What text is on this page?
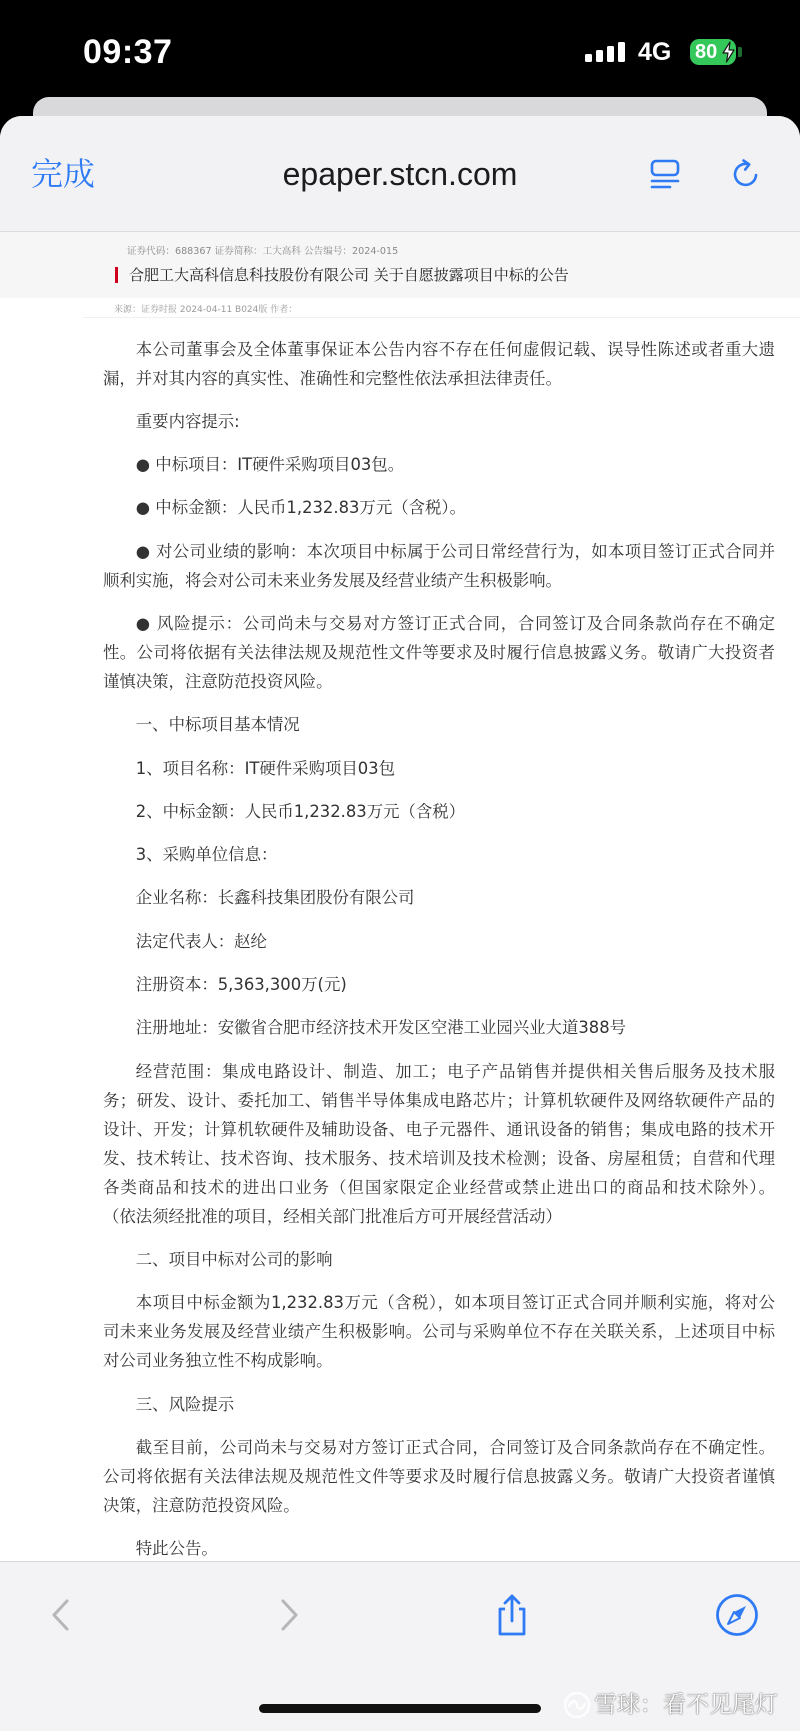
09:37	4G 80
完成	epaper.stcn.com
证券代码：688367 证券简称：工大高科 公告编号：2024-015
合肥工大高科信息科技股份有限公司 关于自愿披露项目中标的公告
来源：证券时报 2024-04-11 B024版 作者：
本公司董事会及全体董事保证本公告内容不存在任何虚假记载、误导性陈述或者重大遗
漏，并对其内容的真实性、准确性和完整性依法承担法律责任。
重要内容提示:
● 中标项目：IT硬件采购项目03包。
● 中标金额：人民币1,232.83万元（含税）。
● 对公司业绩的影响：本次项目中标属于公司日常经营行为，如本项目签订正式合同并
顺利实施，将会对公司未来业务发展及经营业绩产生积极影响。
● 风险提示：公司尚未与交易对方签订正式合同，合同签订及合同条款尚存在不确定
性。公司将依据有关法律法规及规范性文件等要求及时履行信息披露义务。敬请广大投资者
谨慎决策，注意防范投资风险。
一、中标项目基本情况
1、项目名称：IT硬件采购项目03包
2、中标金额：人民币1,232.83万元（含税）
3、采购单位信息：
企业名称：长鑫科技集团股份有限公司
法定代表人：赵纶
注册资本：5,363,300万(元)
注册地址：安徽省合肥市经济技术开发区空港工业园兴业大道388号
经营范围：集成电路设计、制造、加工；电子产品销售并提供相关售后服务及技术服
务；研发、设计、委托加工、销售半导体集成电路芯片；计算机软硬件及网络软硬件产品的
设计、开发；计算机软硬件及辅助设备、电子元器件、通讯设备的销售；集成电路的技术开
发、技术转让、技术咨询、技术服务、技术培训及技术检测；设备、房屋租赁；自营和代理
各类商品和技术的进出口业务（但国家限定企业经营或禁止进出口的商品和技术除外）。
（依法须经批准的项目，经相关部门批准后方可开展经营活动）
二、项目中标对公司的影响
本项目中标金额为1,232.83万元（含税），如本项目签订正式合同并顺利实施，将对公
司未来业务发展及经营业绩产生积极影响。公司与采购单位不存在关联关系，上述项目中标
对公司业务独立性不构成影响。
三、风险提示
截至目前，公司尚未与交易对方签订正式合同，合同签订及合同条款尚存在不确定性。
公司将依据有关法律法规及规范性文件等要求及时履行信息披露义务。敬请广大投资者谨慎
决策，注意防范投资风险。
特此公告。
雪球：看不见尾灯
